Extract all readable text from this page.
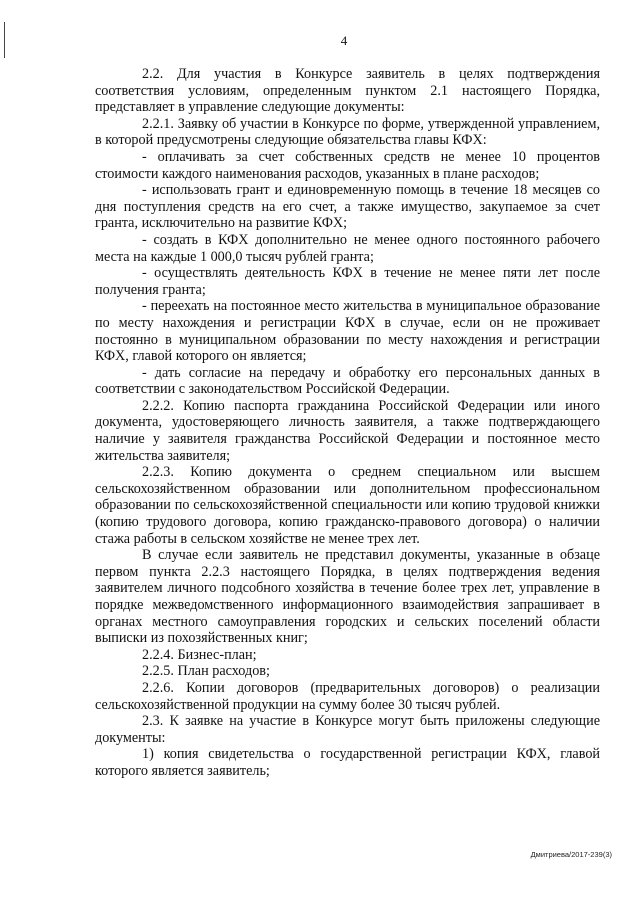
4

2.2. Для участия в Конкурсе заявитель в целях подтверждения соответствия условиям, определенным пунктом 2.1 настоящего Порядка, представляет в управление следующие документы:

2.2.1. Заявку об участии в Конкурсе по форме, утвержденной управлением, в которой предусмотрены следующие обязательства главы КФХ:

- оплачивать за счет собственных средств не менее 10 процентов стоимости каждого наименования расходов, указанных в плане расходов;

- использовать грант и единовременную помощь в течение 18 месяцев со дня поступления средств на его счет, а также имущество, закупаемое за счет гранта, исключительно на развитие КФХ;

- создать в КФХ дополнительно не менее одного постоянного рабочего места на каждые 1 000,0 тысяч рублей гранта;

- осуществлять деятельность КФХ в течение не менее пяти лет после получения гранта;

- переехать на постоянное место жительства в муниципальное образование по месту нахождения и регистрации КФХ в случае, если он не проживает постоянно в муниципальном образовании по месту нахождения и регистрации КФХ, главой которого он является;

- дать согласие на передачу и обработку его персональных данных в соответствии с законодательством Российской Федерации.

2.2.2. Копию паспорта гражданина Российской Федерации или иного документа, удостоверяющего личность заявителя, а также подтверждающего наличие у заявителя гражданства Российской Федерации и постоянное место жительства заявителя;

2.2.3. Копию документа о среднем специальном или высшем сельскохозяйственном образовании или дополнительном профессиональном образовании по сельскохозяйственной специальности или копию трудовой книжки (копию трудового договора, копию гражданско-правового договора) о наличии стажа работы в сельском хозяйстве не менее трех лет.

В случае если заявитель не представил документы, указанные в обзаце первом пункта 2.2.3 настоящего Порядка, в целях подтверждения ведения заявителем личного подсобного хозяйства в течение более трех лет, управление в порядке межведомственного информационного взаимодействия запрашивает в органах местного самоуправления городских и сельских поселений области выписки из похозяйственных книг;

2.2.4. Бизнес-план;

2.2.5. План расходов;

2.2.6. Копии договоров (предварительных договоров) о реализации сельскохозяйственной продукции на сумму более 30 тысяч рублей.

2.3. К заявке на участие в Конкурсе могут быть приложены следующие документы:

1) копия свидетельства о государственной регистрации КФХ, главой которого является заявитель;

Дмитриева/2017-239(3)
